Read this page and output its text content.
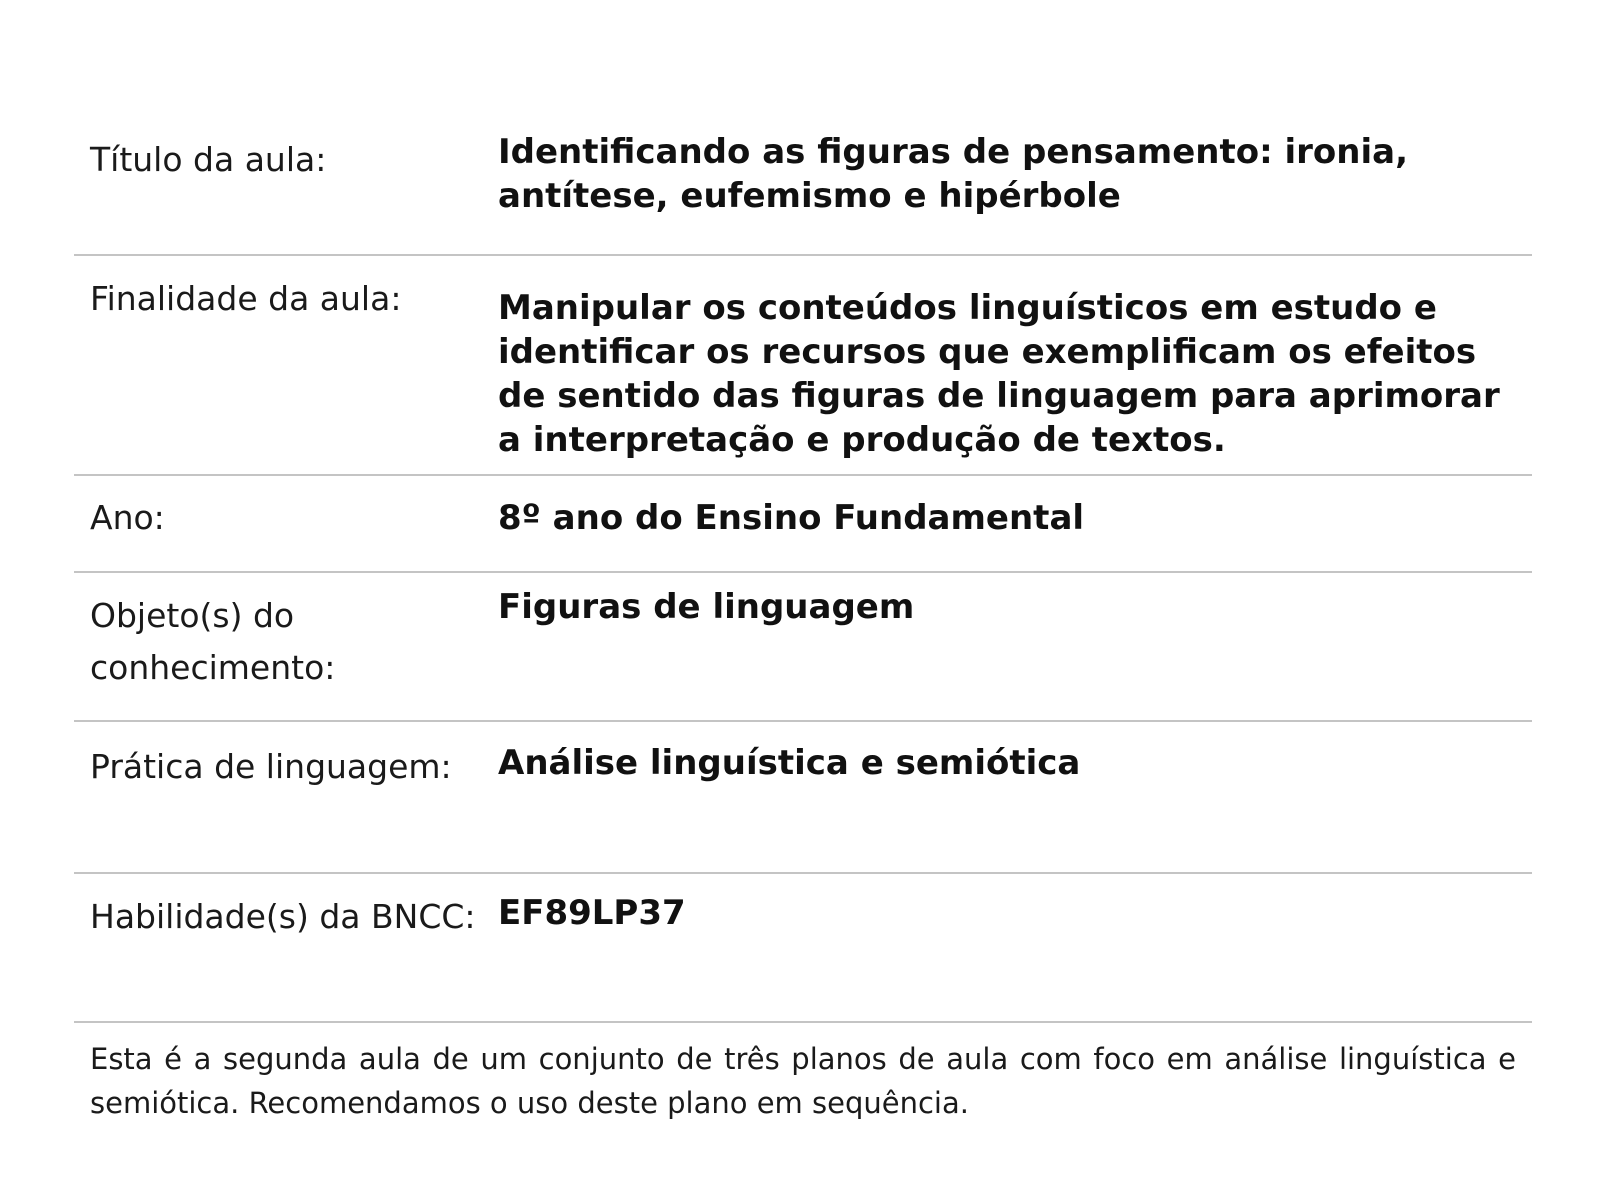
Título da aula:	Identificando as figuras de pensamento: ironia, antítese, eufemismo e hipérbole
Finalidade da aula:	Manipular os conteúdos linguísticos em estudo e identificar os recursos que exemplificam os efeitos de sentido das figuras de linguagem para aprimorar a interpretação e produção de textos.
Ano:	8º ano do Ensino Fundamental
Objeto(s) do conhecimento:
Figuras de linguagem
Prática de linguagem:	Análise linguística e semiótica
Habilidade(s) da BNCC: EF89LP37
Esta é a segunda aula de um conjunto de três planos de aula com foco em análise linguística e semiótica. Recomendamos o uso deste plano em sequência.
